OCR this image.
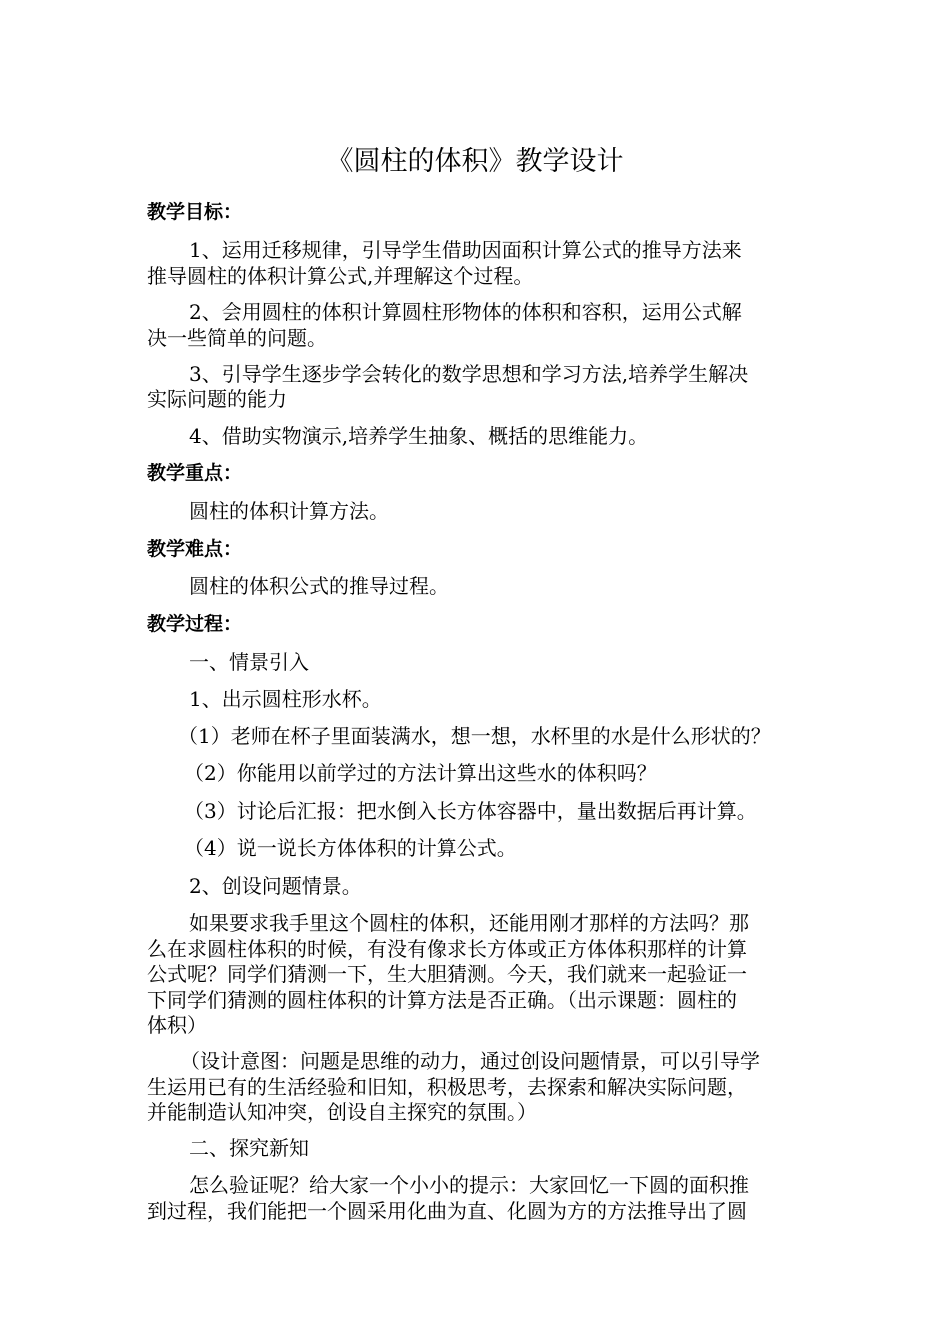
《圆柱的体积》教学设计
教学目标：
1、运用迁移规律，引导学生借助因面积计算公式的推导方法来
推导圆柱的体积计算公式,并理解这个过程。
2、会用圆柱的体积计算圆柱形物体的体积和容积，运用公式解
决一些简单的问题。
3、引导学生逐步学会转化的数学思想和学习方法,培养学生解决
实际问题的能力
4、借助实物演示,培养学生抽象、概括的思维能力。
教学重点：
圆柱的体积计算方法。
教学难点：
圆柱的体积公式的推导过程。
教学过程：
一、情景引入
1、出示圆柱形水杯。
（1）老师在杯子里面装满水，想一想，水杯里的水是什么形状的？
（2）你能用以前学过的方法计算出这些水的体积吗？
（3）讨论后汇报：把水倒入长方体容器中，量出数据后再计算。
（4）说一说长方体体积的计算公式。
2、创设问题情景。
如果要求我手里这个圆柱的体积，还能用刚才那样的方法吗？那
么在求圆柱体积的时候，有没有像求长方体或正方体体积那样的计算
公式呢？同学们猜测一下，生大胆猜测。今天，我们就来一起验证一
下同学们猜测的圆柱体积的计算方法是否正确。（出示课题：圆柱的
体积）
（设计意图：问题是思维的动力，通过创设问题情景，可以引导学
生运用已有的生活经验和旧知，积极思考，去探索和解决实际问题，
并能制造认知冲突，创设自主探究的氛围。）
二、探究新知
怎么验证呢？给大家一个小小的提示：大家回忆一下圆的面积推
到过程，我们能把一个圆采用化曲为直、化圆为方的方法推导出了圆
